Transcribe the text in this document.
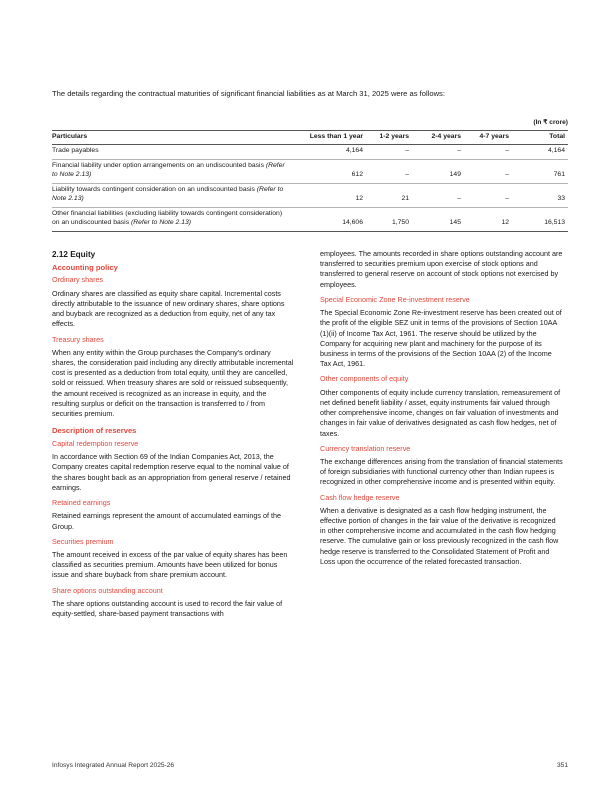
The details regarding the contractual maturities of significant financial liabilities as at March 31, 2025 were as follows:

(In ₹ crore)
Particulars	Less than 1 year	1-2 years	2-4 years	4-7 years	Total
Trade payables	4,164	–	–	–	4,164
Financial liability under option arrangements on an undiscounted basis (Refer to Note 2.13)	612	–	149	–	761
Liability towards contingent consideration on an undiscounted basis (Refer to Note 2.13)	12	21	–	–	33
Other financial liabilities (excluding liability towards contingent consideration) on an undiscounted basis (Refer to Note 2.13)	14,606	1,750	145	12	16,513
2.12 Equity
Accounting policy
Ordinary shares

Ordinary shares are classified as equity share capital. Incremental costs directly attributable to the issuance of new ordinary shares, share options and buyback are recognized as a deduction from equity, net of any tax effects.

Treasury shares

When any entity within the Group purchases the Company's ordinary shares, the consideration paid including any directly attributable incremental cost is presented as a deduction from total equity, until they are cancelled, sold or reissued. When treasury shares are sold or reissued subsequently, the amount received is recognized as an increase in equity, and the resulting surplus or deficit on the transaction is transferred to / from securities premium.

Description of reserves
Capital redemption reserve

In accordance with Section 69 of the Indian Companies Act, 2013, the Company creates capital redemption reserve equal to the nominal value of the shares bought back as an appropriation from general reserve / retained earnings.

Retained earnings

Retained earnings represent the amount of accumulated earnings of the Group.

Securities premium

The amount received in excess of the par value of equity shares has been classified as securities premium. Amounts have been utilized for bonus issue and share buyback from share premium account.

Share options outstanding account

The share options outstanding account is used to record the fair value of equity-settled, share-based payment transactions with

employees. The amounts recorded in share options outstanding account are transferred to securities premium upon exercise of stock options and transferred to general reserve on account of stock options not exercised by employees.

Special Economic Zone Re-investment reserve

The Special Economic Zone Re-investment reserve has been created out of the profit of the eligible SEZ unit in terms of the provisions of Section 10AA (1)(ii) of Income Tax Act, 1961. The reserve should be utilized by the Company for acquiring new plant and machinery for the purpose of its business in terms of the provisions of the Section 10AA (2) of the Income Tax Act, 1961.

Other components of equity

Other components of equity include currency translation, remeasurement of net defined benefit liability / asset, equity instruments fair valued through other comprehensive income, changes on fair valuation of investments and changes in fair value of derivatives designated as cash flow hedges, net of taxes.

Currency translation reserve

The exchange differences arising from the translation of financial statements of foreign subsidiaries with functional currency other than Indian rupees is recognized in other comprehensive income and is presented within equity.

Cash flow hedge reserve

When a derivative is designated as a cash flow hedging instrument, the effective portion of changes in the fair value of the derivative is recognized in other comprehensive income and accumulated in the cash flow hedging reserve. The cumulative gain or loss previously recognized in the cash flow hedge reserve is transferred to the Consolidated Statement of Profit and Loss upon the occurrence of the related forecasted transaction.

Infosys Integrated Annual Report 2025-26	351
